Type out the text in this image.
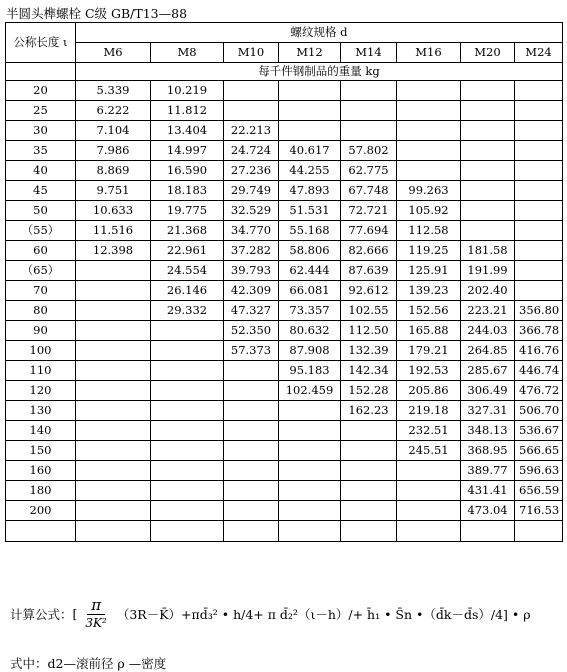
半圆头榫螺栓 C级 GB/T13—88
公称长度 ι	螺纹规格 d							
	M6	M8	M10	M12	M14	M16	M20	M24
	每千件钢制品的重量 kg							
20	5.339	10.219						
25	6.222	11.812						
30	7.104	13.404	22.213					
35	7.986	14.997	24.724	40.617	57.802			
40	8.869	16.590	27.236	44.255	62.775			
45	9.751	18.183	29.749	47.893	67.748	99.263		
50	10.633	19.775	32.529	51.531	72.721	105.92		
（55）	11.516	21.368	34.770	55.168	77.694	112.58		
60	12.398	22.961	37.282	58.806	82.666	119.25	181.58	
（65）		24.554	39.793	62.444	87.639	125.91	191.99	
70		26.146	42.309	66.081	92.612	139.23	202.40	
80		29.332	47.327	73.357	102.55	152.56	223.21	356.80
90			52.350	80.632	112.50	165.88	244.03	366.78
100			57.373	87.908	132.39	179.21	264.85	416.76
110				95.183	142.34	192.53	285.67	446.74
120				102.459	152.28	205.86	306.49	476.72
130					162.23	219.18	327.31	506.70
140						232.51	348.13	536.67
150						245.51	368.95	566.65
160							389.77	596.63
180							431.41	656.59
200							473.04	716.53

计算公式： [ $\frac{\pi}{\text{3K²}}$ （3R－K̄）+πd̄₃² • h/4+ π d̄₂²（ι－h）/+ h̄₁ • S̄n •（d̄k－d̄s）/4] • ρ
式中：d2—滚前径 ρ —密度
